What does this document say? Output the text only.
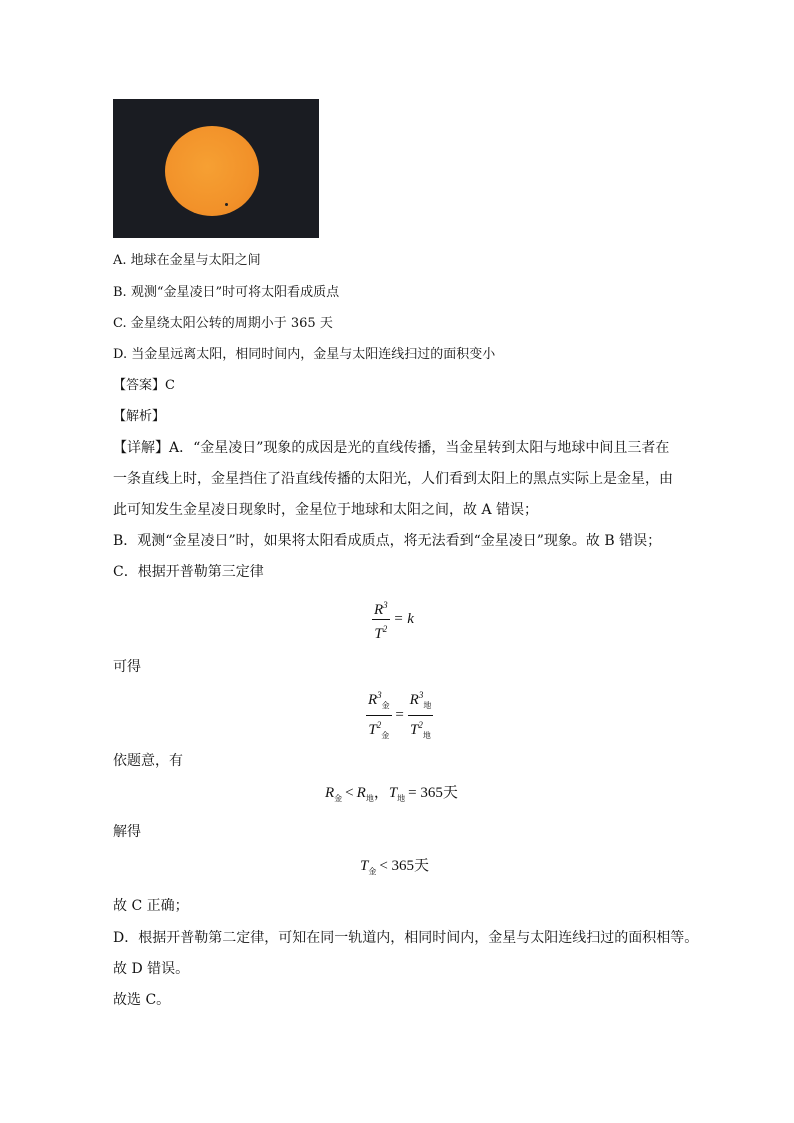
A. 地球在金星与太阳之间
B. 观测“金星凌日”时可将太阳看成质点
C. 金星绕太阳公转的周期小于 365 天
D. 当金星远离太阳，相同时间内，金星与太阳连线扫过的面积变小
【答案】C
【解析】
【详解】A．“金星凌日”现象的成因是光的直线传播，当金星转到太阳与地球中间且三者在
一条直线上时，金星挡住了沿直线传播的太阳光，人们看到太阳上的黑点实际上是金星，由
此可知发生金星凌日现象时，金星位于地球和太阳之间，故 A 错误；
B．观测“金星凌日”时，如果将太阳看成质点，将无法看到“金星凌日”现象。故 B 错误；
C．根据开普勒第三定律
$\frac{R^3}{T^2} = k$
可得
$\frac{R^3_金}{T^2_金} = \frac{R^3_地}{T^2_地}$
依题意，有
$R_金 < R_地$，$T_地 = 365$天
解得
$T_金 < 365$天
故 C 正确；
D．根据开普勒第二定律，可知在同一轨道内，相同时间内，金星与太阳连线扫过的面积相等。
故 D 错误。
故选 C。
